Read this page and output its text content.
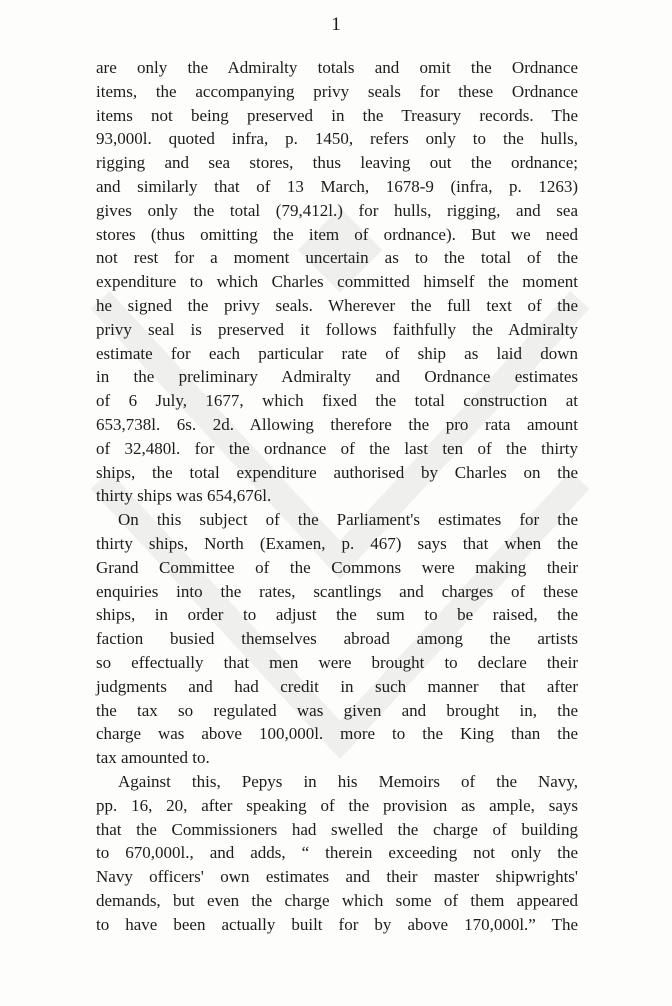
1

are only the Admiralty totals and omit the Ordnance
items, the accompanying privy seals for these Ordnance
items not being preserved in the Treasury records. The
93,000l. quoted infra, p. 1450, refers only to the hulls,
rigging and sea stores, thus leaving out the ordnance;
and similarly that of 13 March, 1678-9 (infra, p. 1263)
gives only the total (79,412l.) for hulls, rigging, and sea
stores (thus omitting the item of ordnance). But we need
not rest for a moment uncertain as to the total of the
expenditure to which Charles committed himself the moment
he signed the privy seals. Wherever the full text of the
privy seal is preserved it follows faithfully the Admiralty
estimate for each particular rate of ship as laid down
in the preliminary Admiralty and Ordnance estimates
of 6 July, 1677, which fixed the total construction at
653,738l. 6s. 2d. Allowing therefore the pro rata amount
of 32,480l. for the ordnance of the last ten of the thirty
ships, the total expenditure authorised by Charles on the
thirty ships was 654,676l.

On this subject of the Parliament's estimates for the
thirty ships, North (Examen, p. 467) says that when the
Grand Committee of the Commons were making their
enquiries into the rates, scantlings and charges of these
ships, in order to adjust the sum to be raised, the
faction busied themselves abroad among the artists
so effectually that men were brought to declare their
judgments and had credit in such manner that after
the tax so regulated was given and brought in, the
charge was above 100,000l. more to the King than the
tax amounted to.

Against this, Pepys in his Memoirs of the Navy,
pp. 16, 20, after speaking of the provision as ample, says
that the Commissioners had swelled the charge of building
to 670,000l., and adds, “ therein exceeding not only the
Navy officers' own estimates and their master shipwrights'
demands, but even the charge which some of them appeared
to have been actually built for by above 170,000l.” The
